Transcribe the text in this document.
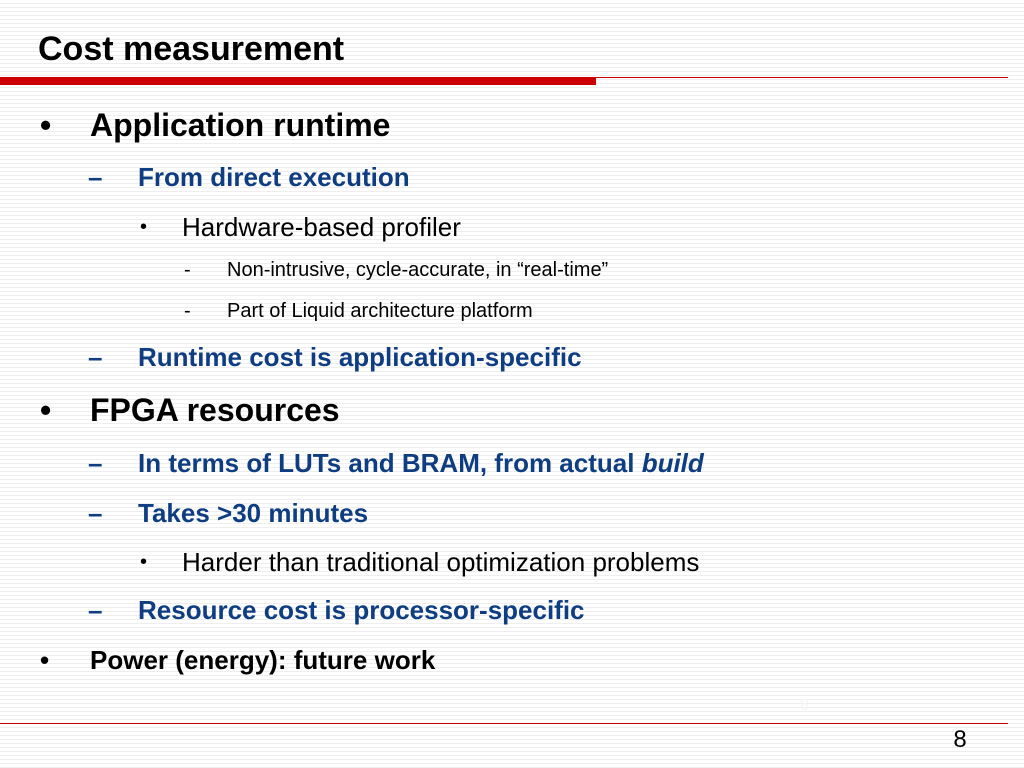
Cost measurement
• Application runtime
– From direct execution
• Hardware-based profiler
- Non-intrusive, cycle-accurate, in “real-time”
- Part of Liquid architecture platform
– Runtime cost is application-specific
• FPGA resources
– In terms of LUTs and BRAM, from actual build
– Takes >30 minutes
• Harder than traditional optimization problems
– Resource cost is processor-specific
• Power (energy): future work
8
8
